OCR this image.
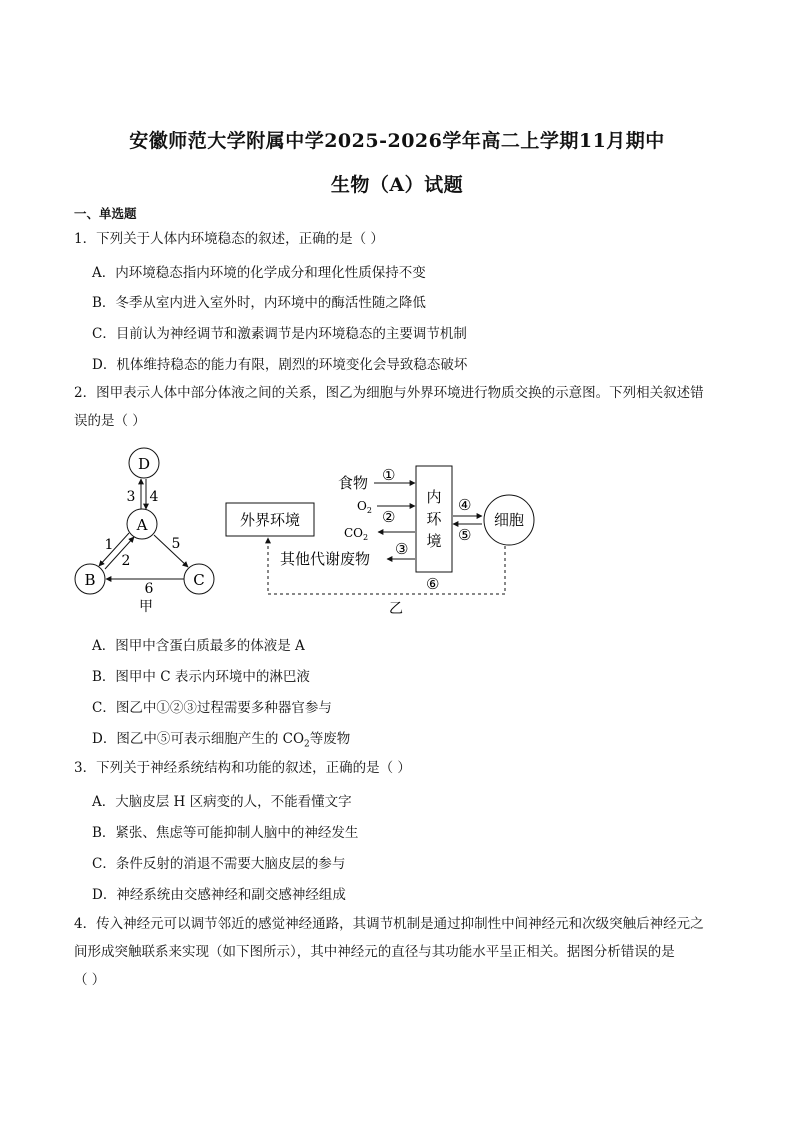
安徽师范大学附属中学2025-2026学年高二上学期11月期中
生物（A）试题
一、单选题
1．下列关于人体内环境稳态的叙述，正确的是（ ）
A．内环境稳态指内环境的化学成分和理化性质保持不变
B．冬季从室内进入室外时，内环境中的酶活性随之降低
C．目前认为神经调节和激素调节是内环境稳态的主要调节机制
D．机体维持稳态的能力有限，剧烈的环境变化会导致稳态破坏
2．图甲表示人体中部分体液之间的关系，图乙为细胞与外界环境进行物质交换的示意图。下列相关叙述错
误的是（ ）
D
A
B	C
3 4
1
2
5
6
甲
外界环境
内
环
境
细胞
食物 ①
$O_2$ ②
$CO_2$
③
其他代谢废物
④
⑤
⑥
乙
A．图甲中含蛋白质最多的体液是 A
B．图甲中 C 表示内环境中的淋巴液
C．图乙中①②③过程需要多种器官参与
D．图乙中⑤可表示细胞产生的 $CO_2$等废物
3．下列关于神经系统结构和功能的叙述，正确的是（ ）
A．大脑皮层 H 区病变的人，不能看懂文字
B．紧张、焦虑等可能抑制人脑中的神经发生
C．条件反射的消退不需要大脑皮层的参与
D．神经系统由交感神经和副交感神经组成
4．传入神经元可以调节邻近的感觉神经通路，其调节机制是通过抑制性中间神经元和次级突触后神经元之
间形成突触联系来实现（如下图所示），其中神经元的直径与其功能水平呈正相关。据图分析错误的是
（ ）
